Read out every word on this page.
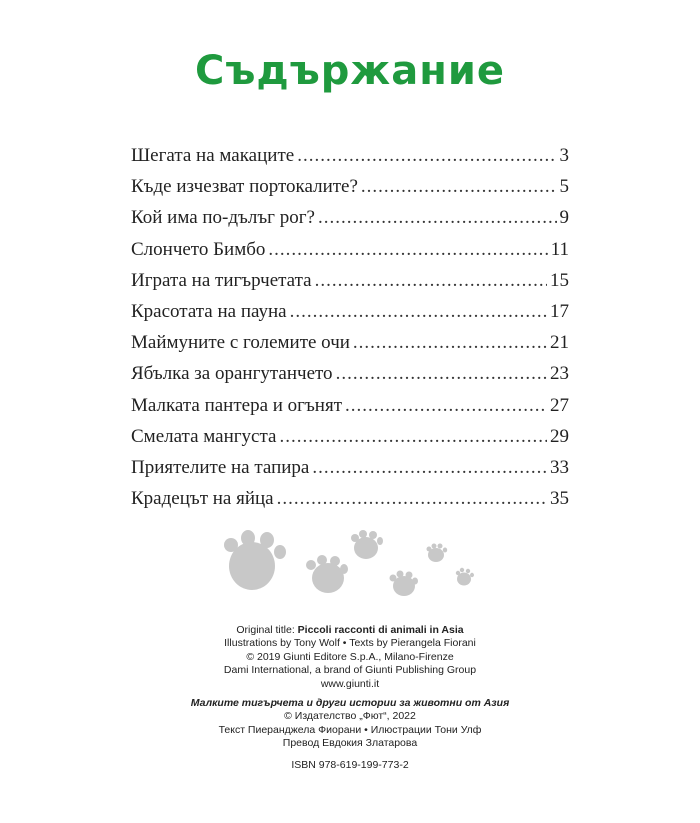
Съдържание
Шегата на макаците .....	3
Къде изчезват портокалите? .....	5
Кой има по-дълъг рог? .....	9
Слончето Бимбо .....	11
Играта на тигърчетата .....	15
Красотата на пауна .....	17
Маймуните с големите очи .....	21
Ябълка за орангутанчето .....	23
Малката пантера и огънят .....	27
Смелата мангуста .....	29
Приятелите на тапира .....	33
Крадецът на яйца .....	35
Original title: Piccoli racconti di animali in Asia
Illustrations by Tony Wolf • Texts by Pierangela Fiorani
© 2019 Giunti Editore S.p.A., Milano-Firenze
Dami International, a brand of Giunti Publishing Group
www.giunti.it
Малките тигърчета и други истории за животни от Азия
© Издателство „Фют“, 2022
Текст Пиeранджела Фиорани • Илюстрации Тони Улф
Превод Евдокия Златарова
ISBN 978-619-199-773-2
